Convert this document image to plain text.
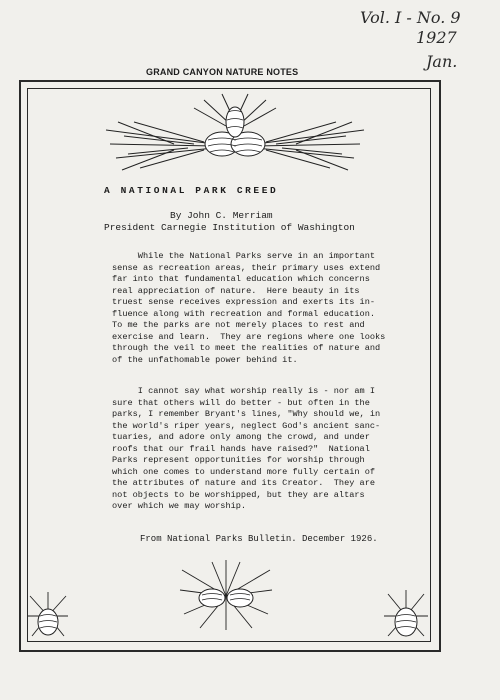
Vol. I - No. 9
1927
Jan.
GRAND CANYON NATURE NOTES
A NATIONAL PARK CREED
By John C. Merriam
President Carnegie Institution of Washington
While the National Parks serve in an important
sense as recreation areas, their primary uses extend
far into that fundamental education which concerns
real appreciation of nature.  Here beauty in its
truest sense receives expression and exerts its in-
fluence along with recreation and formal education.
To me the parks are not merely places to rest and
exercise and learn.  They are regions where one looks
through the veil to meet the realities of nature and
of the unfathomable power behind it.
I cannot say what worship really is - nor am I
sure that others will do better - but often in the
parks, I remember Bryant's lines, "Why should we, in
the world's riper years, neglect God's ancient sanc-
tuaries, and adore only among the crowd, and under
roofs that our frail hands have raised?"  National
Parks represent opportunities for worship through
which one comes to understand more fully certain of
the attributes of nature and its Creator.  They are
not objects to be worshipped, but they are altars
over which we may worship.
From National Parks Bulletin. December 1926.
